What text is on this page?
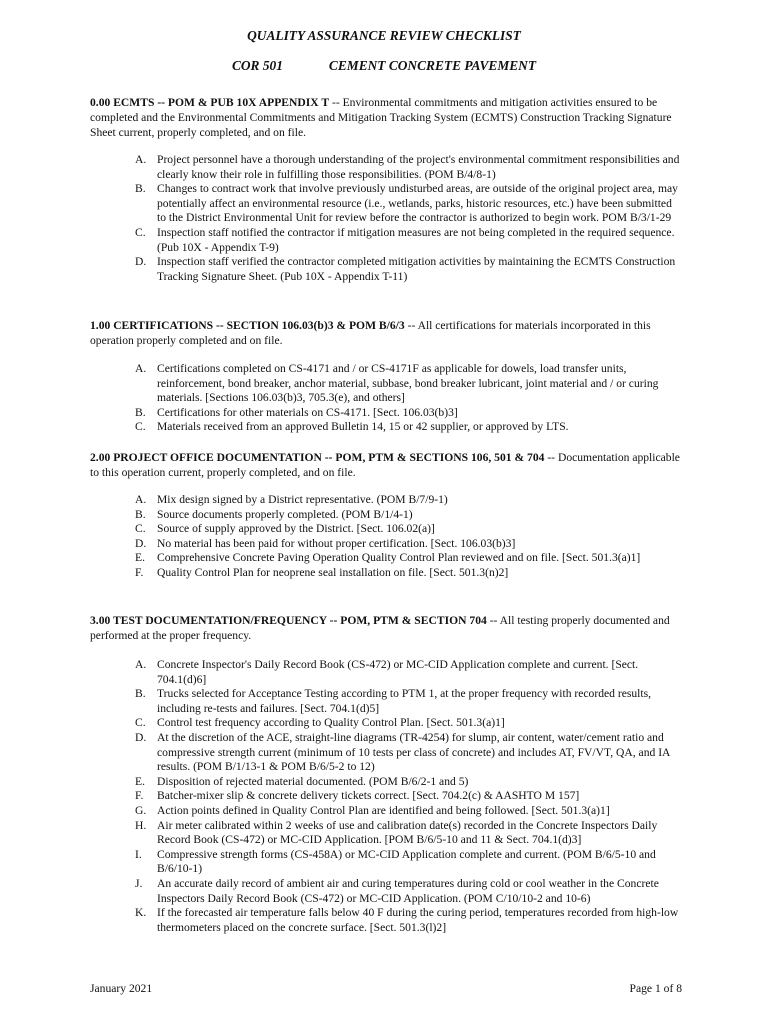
QUALITY ASSURANCE REVIEW CHECKLIST
COR 501	CEMENT CONCRETE PAVEMENT
0.00 ECMTS -- POM & PUB 10X APPENDIX T -- Environmental commitments and mitigation activities ensured to be completed and the Environmental Commitments and Mitigation Tracking System (ECMTS) Construction Tracking Signature Sheet current, properly completed, and on file.
A. Project personnel have a thorough understanding of the project's environmental commitment responsibilities and clearly know their role in fulfilling those responsibilities. (POM B/4/8-1)
B. Changes to contract work that involve previously undisturbed areas, are outside of the original project area, may potentially affect an environmental resource (i.e., wetlands, parks, historic resources, etc.) have been submitted to the District Environmental Unit for review before the contractor is authorized to begin work. POM B/3/1-29
C. Inspection staff notified the contractor if mitigation measures are not being completed in the required sequence. (Pub 10X - Appendix T-9)
D. Inspection staff verified the contractor completed mitigation activities by maintaining the ECMTS Construction Tracking Signature Sheet. (Pub 10X - Appendix T-11)
1.00 CERTIFICATIONS -- SECTION 106.03(b)3 & POM B/6/3 -- All certifications for materials incorporated in this operation properly completed and on file.
A. Certifications completed on CS-4171 and / or CS-4171F as applicable for dowels, load transfer units, reinforcement, bond breaker, anchor material, subbase, bond breaker lubricant, joint material and / or curing materials. [Sections 106.03(b)3, 705.3(e), and others]
B. Certifications for other materials on CS-4171. [Sect. 106.03(b)3]
C. Materials received from an approved Bulletin 14, 15 or 42 supplier, or approved by LTS.
2.00 PROJECT OFFICE DOCUMENTATION -- POM, PTM & SECTIONS 106, 501 & 704 -- Documentation applicable to this operation current, properly completed, and on file.
A. Mix design signed by a District representative. (POM B/7/9-1)
B. Source documents properly completed. (POM B/1/4-1)
C. Source of supply approved by the District. [Sect. 106.02(a)]
D. No material has been paid for without proper certification. [Sect. 106.03(b)3]
E. Comprehensive Concrete Paving Operation Quality Control Plan reviewed and on file. [Sect. 501.3(a)1]
F. Quality Control Plan for neoprene seal installation on file. [Sect. 501.3(n)2]
3.00 TEST DOCUMENTATION/FREQUENCY -- POM, PTM & SECTION 704 -- All testing properly documented and performed at the proper frequency.
A. Concrete Inspector's Daily Record Book (CS-472) or MC-CID Application complete and current. [Sect. 704.1(d)6]
B. Trucks selected for Acceptance Testing according to PTM 1, at the proper frequency with recorded results, including re-tests and failures. [Sect. 704.1(d)5]
C. Control test frequency according to Quality Control Plan. [Sect. 501.3(a)1]
D. At the discretion of the ACE, straight-line diagrams (TR-4254) for slump, air content, water/cement ratio and compressive strength current (minimum of 10 tests per class of concrete) and includes AT, FV/VT, QA, and IA results. (POM B/1/13-1 & POM B/6/5-2 to 12)
E. Disposition of rejected material documented. (POM B/6/2-1 and 5)
F. Batcher-mixer slip & concrete delivery tickets correct. [Sect. 704.2(c) & AASHTO M 157]
G. Action points defined in Quality Control Plan are identified and being followed. [Sect. 501.3(a)1]
H. Air meter calibrated within 2 weeks of use and calibration date(s) recorded in the Concrete Inspectors Daily Record Book (CS-472) or MC-CID Application. [POM B/6/5-10 and 11 & Sect. 704.1(d)3]
I. Compressive strength forms (CS-458A) or MC-CID Application complete and current. (POM B/6/5-10 and B/6/10-1)
J. An accurate daily record of ambient air and curing temperatures during cold or cool weather in the Concrete Inspectors Daily Record Book (CS-472) or MC-CID Application. (POM C/10/10-2 and 10-6)
K. If the forecasted air temperature falls below 40 F during the curing period, temperatures recorded from high-low thermometers placed on the concrete surface. [Sect. 501.3(l)2]
January 2021	Page 1 of 8
